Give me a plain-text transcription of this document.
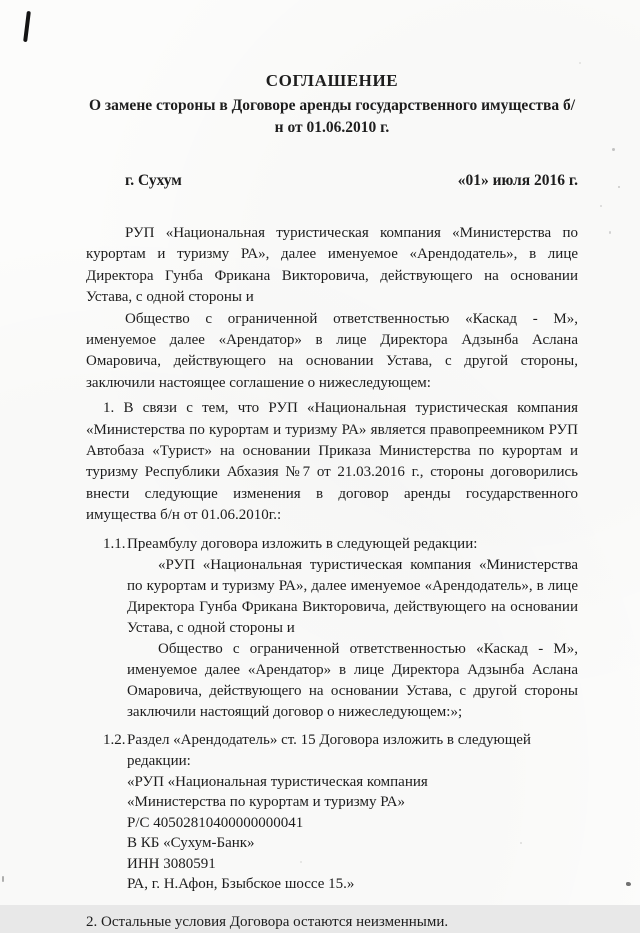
СОГЛАШЕНИЕ
О замене стороны в Договоре аренды государственного имущества б/н от 01.06.2010 г.
г. Сухум	«01» июля 2016 г.

РУП «Национальная туристическая компания «Министерства по курортам и туризму РА», далее именуемое «Арендодатель», в лице Директора Гунба Фрикана Викторовича, действующего на основании Устава, с одной стороны и

Общество с ограниченной ответственностью «Каскад - М», именуемое далее «Арендатор» в лице Директора Адзынба Аслана Омаровича, действующего на основании Устава, с другой стороны, заключили настоящее соглашение о нижеследующем:

1. В связи с тем, что РУП «Национальная туристическая компания «Министерства по курортам и туризму РА» является правопреемником РУП Автобаза «Турист» на основании Приказа Министерства по курортам и туризму Республики Абхазия №7 от 21.03.2016 г., стороны договорились внести следующие изменения в договор аренды государственного имущества б/н от 01.06.2010г.:

1.1. Преамбулу договора изложить в следующей редакции:

«РУП «Национальная туристическая компания «Министерства по курортам и туризму РА», далее именуемое «Арендодатель», в лице Директора Гунба Фрикана Викторовича, действующего на основании Устава, с одной стороны и

Общество с ограниченной ответственностью «Каскад - М», именуемое далее «Арендатор» в лице Директора Адзынба Аслана Омаровича, действующего на основании Устава, с другой стороны заключили настоящий договор о нижеследующем:»;

1.2. Раздел «Арендодатель» ст. 15 Договора изложить в следующей редакции:
«РУП «Национальная туристическая компания
«Министерства по курортам и туризму РА»
Р/С 40502810400000000041
В КБ «Сухум-Банк»
ИНН 3080591
РА, г. Н.Афон, Бзыбское шоссе 15.»

2. Остальные условия Договора остаются неизменными.
